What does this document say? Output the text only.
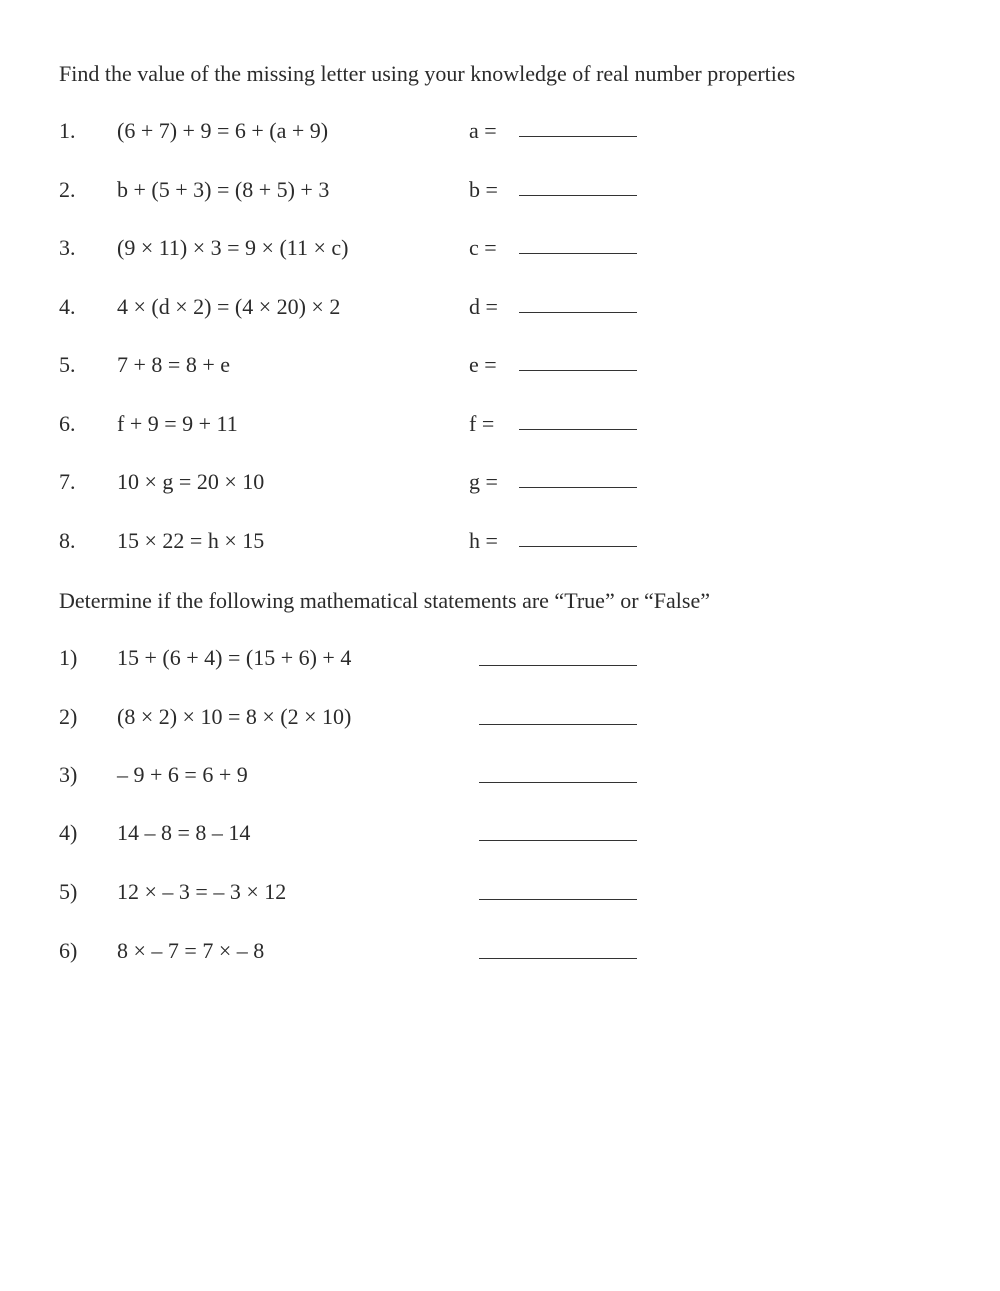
Find the value of the missing letter using your knowledge of real number properties
1. (6 + 7) + 9 = 6 + (a + 9)	a =
2. b + (5 + 3) = (8 + 5) + 3	b =
3. (9 × 11) × 3 = 9 × (11 × c)	c =
4. 4 × (d × 2) = (4 × 20) × 2	d =
5. 7 + 8 = 8 + e	e =
6. f + 9 = 9 + 11	f =
7. 10 × g = 20 × 10	g =
8. 15 × 22 = h × 15	h =
Determine if the following mathematical statements are “True” or “False”
1) 15 + (6 + 4) = (15 + 6) + 4
2) (8 × 2) × 10 = 8 × (2 × 10)
3) – 9 + 6 = 6 + 9
4) 14 – 8 = 8 – 14
5) 12 × – 3 = – 3 × 12
6) 8 × – 7 = 7 × – 8
